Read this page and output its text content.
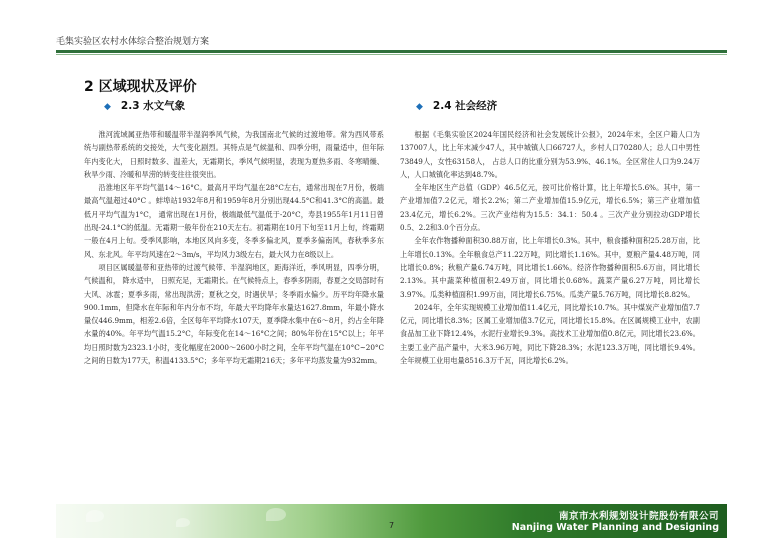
毛集实验区农村水体综合整治规划方案
2 区域现状及评价
◆ 2.3 水文气象	◆ 2.4 社会经济

淮河流域属亚热带和暖温带半湿润季风气候，为我国南北气候的过渡地带。常为西风带系统与副热带系统的交接处，大气变化剧烈。其特点是气候温和、四季分明，雨量适中，但年际年内变化大， 日照时数多、温差大，无霜期长，季风气候明显，表现为夏热多雨、冬寒晴燥、秋旱少雨、冷暖和旱涝的转变往往很突出。

沿淮地区年平均气温14～16°C。最高月平均气温在28°C左右，通常出现在7月份，极端最高气温超过40°C 。蚌埠站1932年8月和1959年8月分别出现44.5°C和41.3°C的高温。最低月平均气温为1°C， 通常出现在1月份，极端最低气温低于-20°C，寿县1955年1月11日曾出现-24.1°C的低温。无霜期一般年份在210天左右。初霜期在10月下旬至11月上旬，终霜期一般在4月上旬。受季风影响，本地区风向多变，冬季多偏北风，夏季多偏南风，春秋季多东风、东北风。年平均风速在2～3m/s，平均风力3级左右，最大风力在8级以上。

项目区属暖温带和亚热带的过渡气候带、半湿润地区，距海洋近，季风明显，四季分明，气候温和， 降水适中， 日照充足，无霜期长。在气候特点上，春季多阴雨，春夏之交局部时有大风、冰雹；夏季多雨，常出现洪涝；夏秋之交，时遇伏旱；冬季雨水偏少。历平均年降水量900.1mm，但降水在年际和年内分布不均，年最大平均降年水量达1627.8mm，年最小降水量仅446.9mm，相差2.6倍，全区每年平均降水107天，夏季降水集中在6～8月，约占全年降水量的40%。年平均气温15.2°C，年际变化在14～16°C之间；80%年份在15°C以上；年平均日照时数为2323.1小时，变化幅度在2000～2600小时之间，全年平均气温在10°C~20°C之间的日数为177天，积温4133.5°C；多年平均无霜期216天；多年平均蒸发量为932mm。

根据《毛集实验区2024年国民经济和社会发展统计公报》，2024年末，全区户籍人口为137007人，比上年末减少47人，其中城镇人口66727人，乡村人口70280人；总人口中男性73849人，女性63158人， 占总人口的比重分别为53.9%、46.1%。全区常住人口为9.24万人，人口城镇化率达到48.7%。

全年地区生产总值（GDP）46.5亿元，按可比价格计算，比上年增长5.6%。其中，第一产业增加值7.2亿元，增长2.2%；第二产业增加值15.9亿元，增长6.5%；第三产业增加值23.4亿元，增长6.2%。三次产业结构为15.5：34.1：50.4 。三次产业分别拉动GDP增长0.5、2.2和3.0个百分点。

全年农作物播种面积30.88万亩，比上年增长0.3%。其中，粮食播种面积25.28万亩，比上年增长0.13%。全年粮食总产11.22万吨，同比增长1.16%。其中，夏粮产量4.48万吨，同比增长0.8%；秋粮产量6.74万吨，同比增长1.66%。经济作物播种面积5.6万亩，同比增长2.13%。其中蔬菜种植面积2.49万亩，同比增长0.68%。蔬菜产量6.27万吨，同比增长3.97%。瓜类种植面积1.99万亩，同比增长6.75%。瓜类产量5.76万吨，同比增长8.82%。

2024年，全年实现规模工业增加值11.4亿元，同比增长10.7%。其中煤炭产业增加值7.7亿元，同比增长8.3%；区属工业增加值3.7亿元，同比增长15.8%。在区属规模工业中，农副食品加工业下降12.4%，水泥行业增长9.3%。高技术工业增加值0.8亿元，同比增长23.6%。主要工业产品产量中，大米3.96万吨，同比下降28.3%；水泥123.3万吨，同比增长9.4%。全年规模工业用电量8516.3万千瓦，同比增长6.2%。

7
南京市水利规划设计院股份有限公司
Nanjing Water Planning and Designing
